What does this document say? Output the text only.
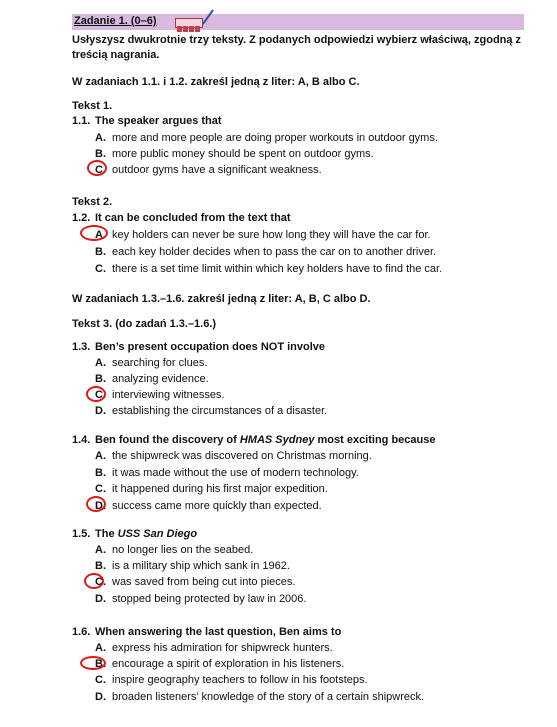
Zadanie 1. (0–6)
Usłyszysz dwukrotnie trzy teksty. Z podanych odpowiedzi wybierz właściwą, zgodną z treścią nagrania.
W zadaniach 1.1. i 1.2. zakreśl jedną z liter: A, B albo C.
Tekst 1.
1.1. The speaker argues that
A. more and more people are doing proper workouts in outdoor gyms.
B. more public money should be spent on outdoor gyms.
C. outdoor gyms have a significant weakness.
Tekst 2.
1.2. It can be concluded from the text that
A. key holders can never be sure how long they will have the car for.
B. each key holder decides when to pass the car on to another driver.
C. there is a set time limit within which key holders have to find the car.
W zadaniach 1.3.–1.6. zakreśl jedną z liter: A, B, C albo D.
Tekst 3. (do zadań 1.3.–1.6.)
1.3. Ben’s present occupation does NOT involve
A. searching for clues.
B. analyzing evidence.
C. interviewing witnesses.
D. establishing the circumstances of a disaster.
1.4. Ben found the discovery of HMAS Sydney most exciting because
A. the shipwreck was discovered on Christmas morning.
B. it was made without the use of modern technology.
C. it happened during his first major expedition.
D. success came more quickly than expected.
1.5. The USS San Diego
A. no longer lies on the seabed.
B. is a military ship which sank in 1962.
C. was saved from being cut into pieces.
D. stopped being protected by law in 2006.
1.6. When answering the last question, Ben aims to
A. express his admiration for shipwreck hunters.
B. encourage a spirit of exploration in his listeners.
C. inspire geography teachers to follow in his footsteps.
D. broaden listeners’ knowledge of the story of a certain shipwreck.
